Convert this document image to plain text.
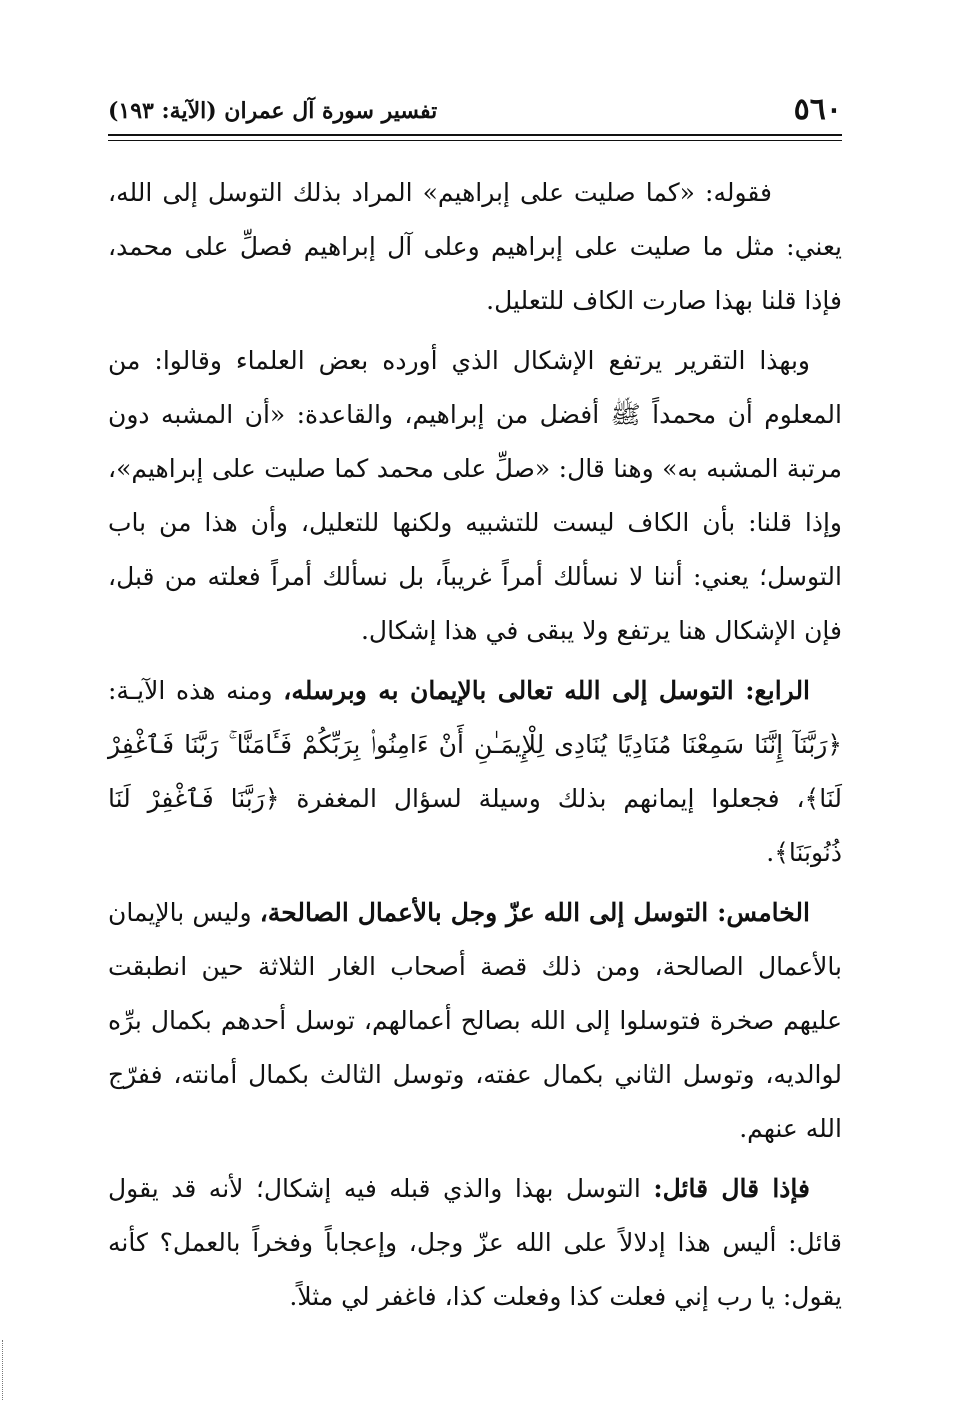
٥٦٠
تفسير سورة آل عمران (الآية: ١٩٣)

فقوله: «كما صليت على إبراهيم» المراد بذلك التوسل إلى الله، يعني: مثل ما صليت على إبراهيم وعلى آل إبراهيم فصلِّ على محمد، فإذا قلنا بهذا صارت الكاف للتعليل.

وبهذا التقرير يرتفع الإشكال الذي أورده بعض العلماء وقالوا: من المعلوم أن محمداً ﷺ أفضل من إبراهيم، والقاعدة: «أن المشبه دون مرتبة المشبه به» وهنا قال: «صلِّ على محمد كما صليت على إبراهيم»، وإذا قلنا: بأن الكاف ليست للتشبيه ولكنها للتعليل، وأن هذا من باب التوسل؛ يعني: أننا لا نسألك أمراً غريباً، بل نسألك أمراً فعلته من قبل، فإن الإشكال هنا يرتفع ولا يبقى في هذا إشكال.

الرابع: التوسل إلى الله تعالى بالإيمان به وبرسله، ومنه هذه الآيـة: ﴿رَبَّنَآ إِنَّنَا سَمِعْنَا مُنَادِيًا يُنَادِى لِلْإِيمَـٰنِ أَنْ ءَامِنُوا۟ بِرَبِّكُمْ فَـَٔامَنَّا ۚ رَبَّنَا فَٱغْفِرْ لَنَا﴾، فجعلوا إيمانهم بذلك وسيلة لسؤال المغفرة ﴿رَبَّنَا فَٱغْفِرْ لَنَا ذُنُوبَنَا﴾.

الخامس: التوسل إلى الله عزّ وجل بالأعمال الصالحة، وليس بالإيمان بالأعمال الصالحة، ومن ذلك قصة أصحاب الغار الثلاثة حين انطبقت عليهم صخرة فتوسلوا إلى الله بصالح أعمالهم، توسل أحدهم بكمال برِّه لوالديه، وتوسل الثاني بكمال عفته، وتوسل الثالث بكمال أمانته، ففرّج الله عنهم.

فإذا قال قائل: التوسل بهذا والذي قبله فيه إشكال؛ لأنه قد يقول قائل: أليس هذا إدلالاً على الله عزّ وجل، وإعجاباً وفخراً بالعمل؟ كأنه يقول: يا رب إني فعلت كذا وفعلت كذا، فاغفر لي مثلاً.
